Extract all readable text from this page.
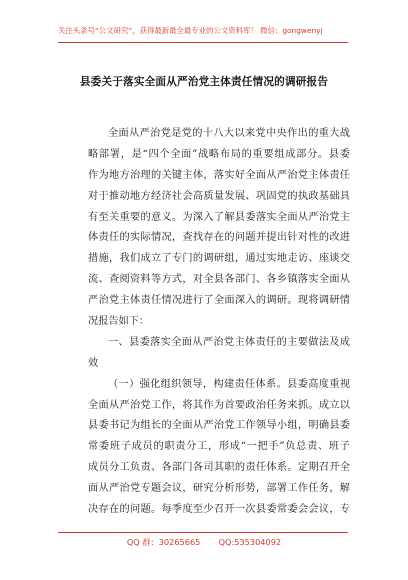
关注头条号“公文研究”，获得最新最全最专业的公文资料库！ 微信：gongwenyj
县委关于落实全面从严治党主体责任情况的调研报告
全面从严治党是党的十八大以来党中央作出的重大战
略部署，是“四个全面”战略布局的重要组成部分。县委
作为地方治理的关键主体，落实好全面从严治党主体责任
对于推动地方经济社会高质量发展、巩固党的执政基础具
有至关重要的意义。为深入了解县委落实全面从严治党主
体责任的实际情况，查找存在的问题并提出针对性的改进
措施，我们成立了专门的调研组，通过实地走访、座谈交
流、查阅资料等方式，对全县各部门、各乡镇落实全面从
严治党主体责任情况进行了全面深入的调研。现将调研情
况报告如下：
一、县委落实全面从严治党主体责任的主要做法及成
效
（一）强化组织领导，构建责任体系。县委高度重视
全面从严治党工作，将其作为首要政治任务来抓。成立以
县委书记为组长的全面从严治党工作领导小组，明确县委
常委班子成员的职责分工，形成“一把手”负总责、班子
成员分工负责、各部门各司其职的责任体系。定期召开全
面从严治党专题会议，研究分析形势，部署工作任务，解
决存在的问题。每季度至少召开一次县委常委会会议，专
QQ 群：30265665       QQ:535304092
